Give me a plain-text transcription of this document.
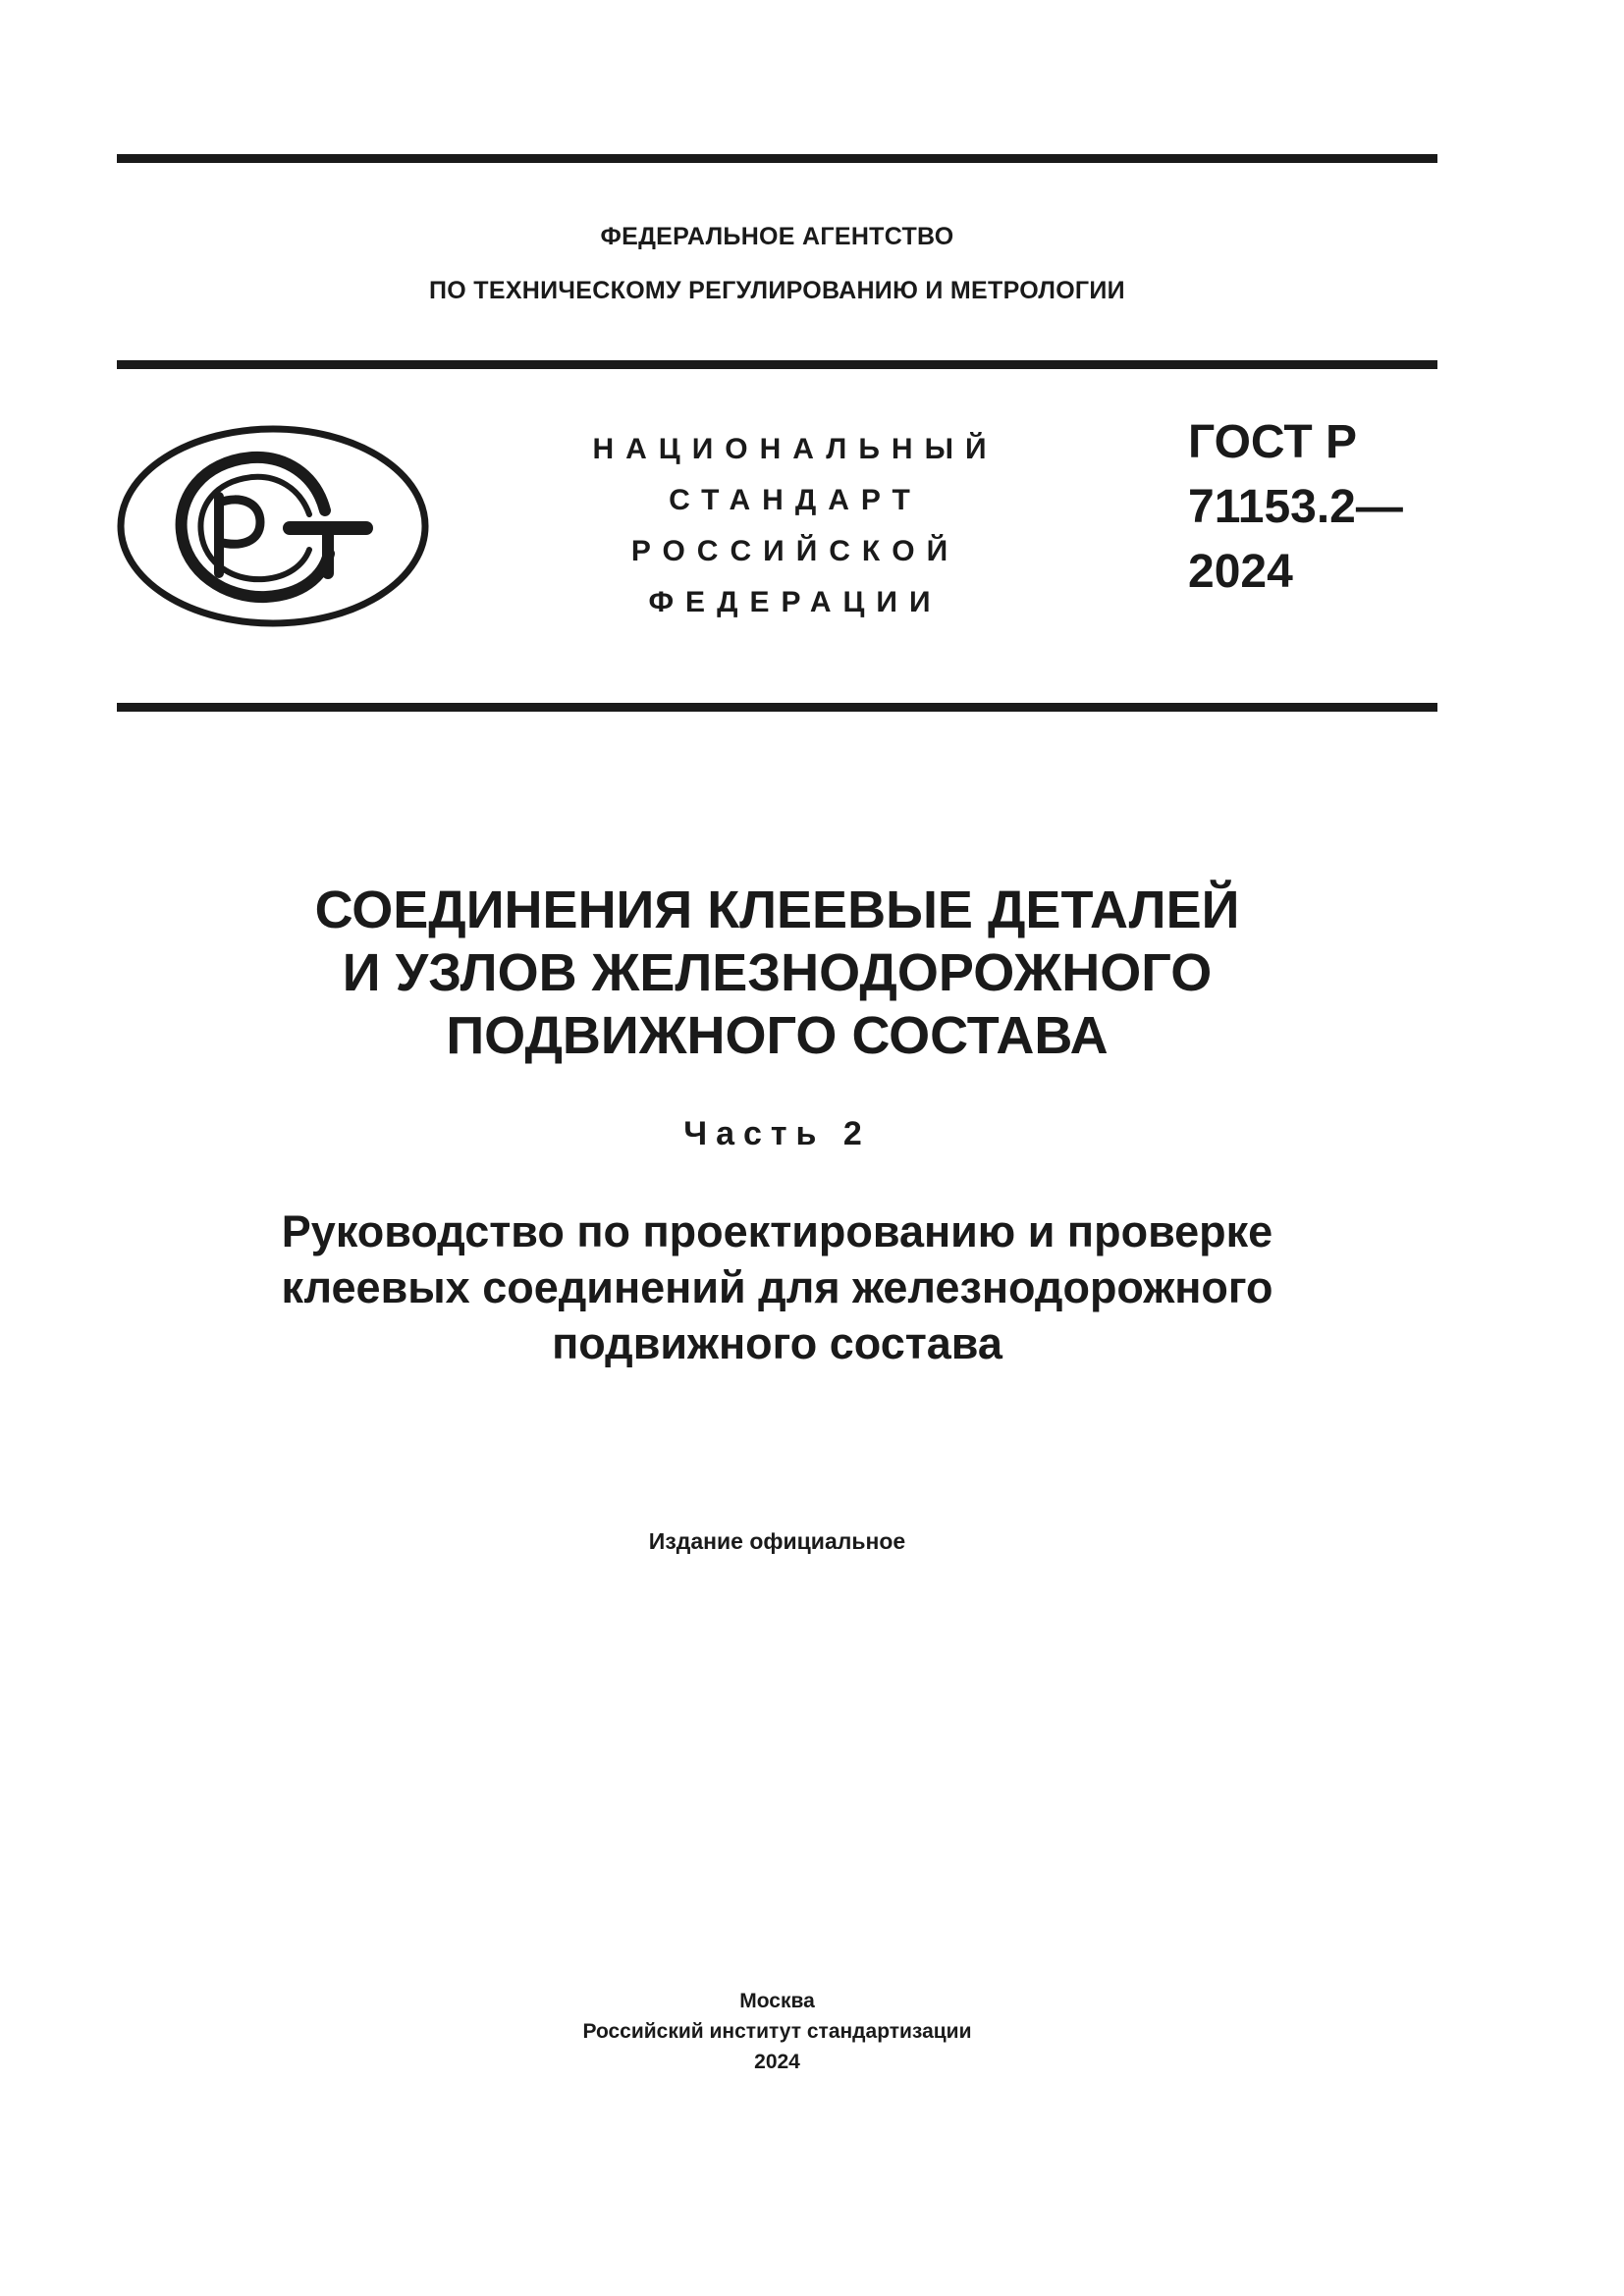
ФЕДЕРАЛЬНОЕ АГЕНТСТВО
ПО ТЕХНИЧЕСКОМУ РЕГУЛИРОВАНИЮ И МЕТРОЛОГИИ
НАЦИОНАЛЬНЫЙ
СТАНДАРТ
РОССИЙСКОЙ
ФЕДЕРАЦИИ
ГОСТ Р
71153.2—
2024
СОЕДИНЕНИЯ КЛЕЕВЫЕ ДЕТАЛЕЙ
И УЗЛОВ ЖЕЛЕЗНОДОРОЖНОГО
ПОДВИЖНОГО СОСТАВА
Часть 2
Руководство по проектированию и проверке
клеевых соединений для железнодорожного
подвижного состава
Издание официальное
Москва
Российский институт стандартизации
2024
